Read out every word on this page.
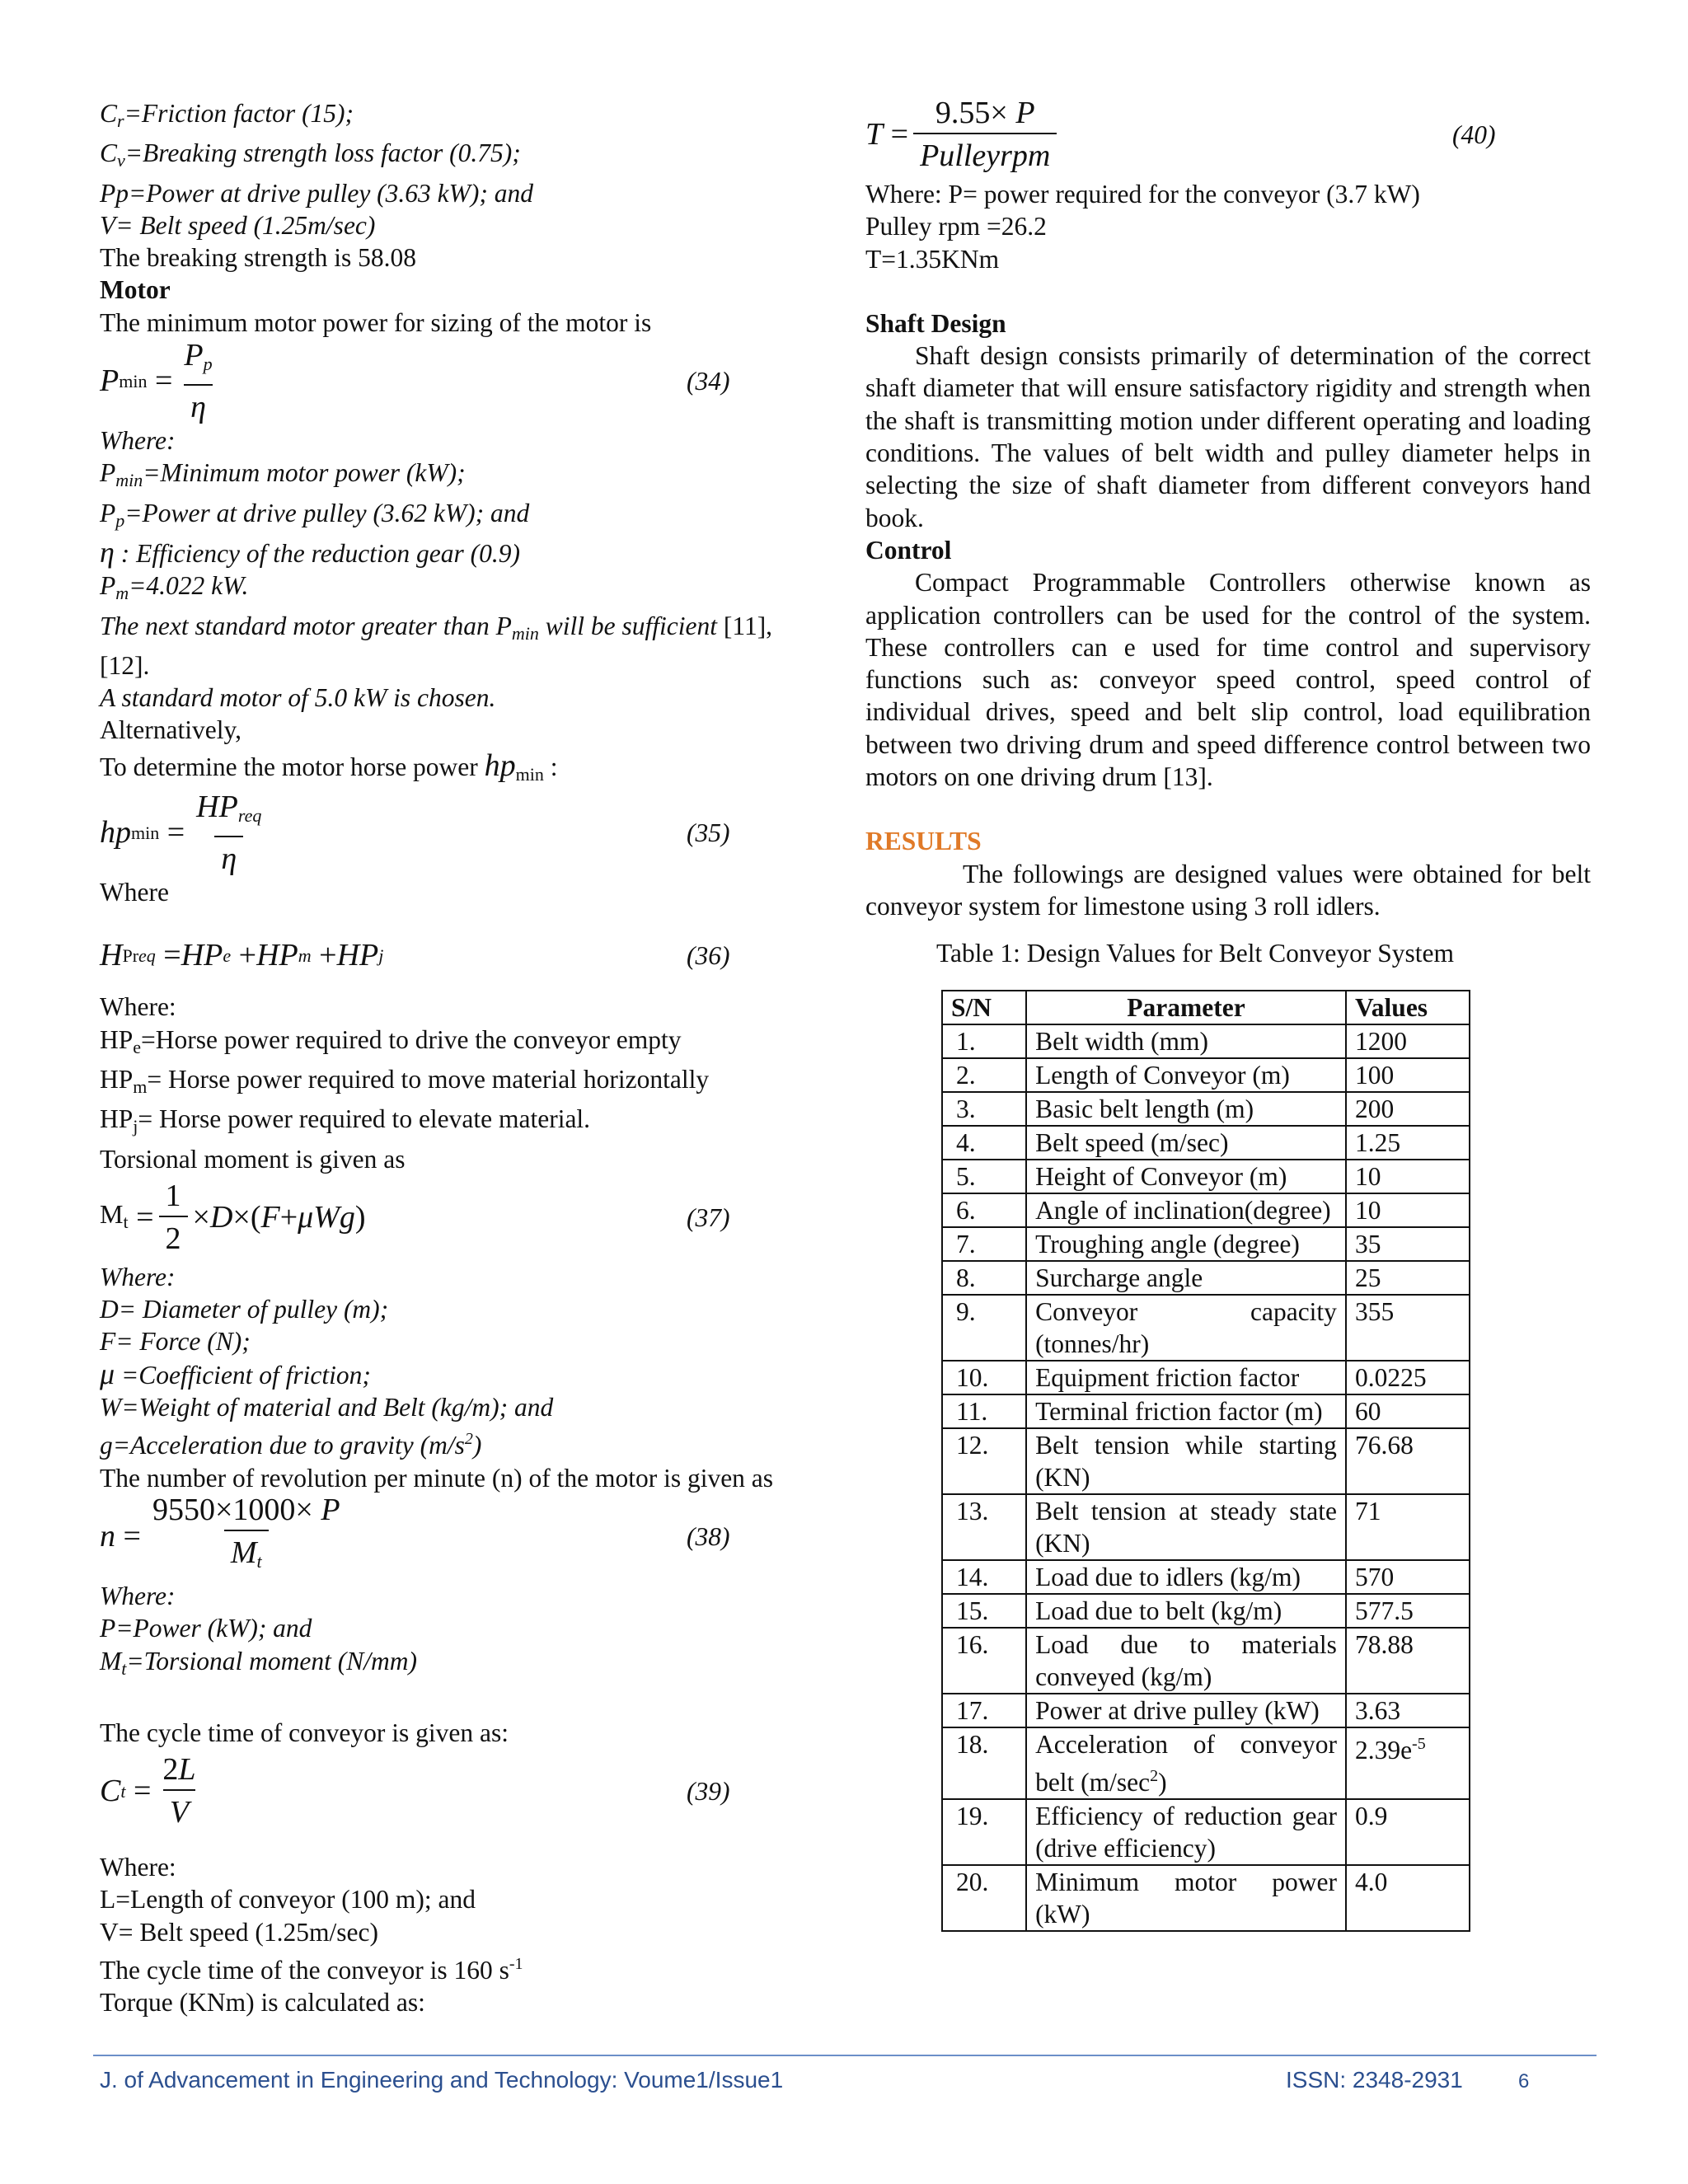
$C_r=Friction$ factor (15);
$C_v=Breaking$ strength loss factor (0.75);
Pp=Power at drive pulley (3.63 kW); and
V= Belt speed (1.25m/sec)
The breaking strength is 58.08
Motor
The minimum motor power for sizing of the motor is
P $\min = \frac{P_p}{\eta}$	(34)
Where:
$P_{min}=Minimum$ motor power (kW);
$P_p=Power$ at drive pulley (3.62 kW); and
η : Efficiency of the reduction gear (0.9)
$P_m=4.022$ kW.
The next standard motor greater than $P_{min}$ will be sufficient [11],
[12].
A standard motor of 5.0 kW is chosen.
Alternatively,
To determine the motor horse power hpmin :
hp $\min = \frac{HP_{req}}{\eta}$	(35)
Where
H Preq = HP e + HP m + HP j	(36)
Where:
HPe=Horse power required to drive the conveyor empty
HPm= Horse power required to move material horizontally
HPj= Horse power required to elevate material.
Torsional moment is given as
$Mt = \frac{1}{2} \times D$ ×( F + μWg )	(37)
Where:
D= Diameter of pulley (m);
F= Force (N);
μ =Coefficient of friction;
W=Weight of material and Belt (kg/m); and
g=Acceleration due to gravity $(m/s^2)$
The number of revolution per minute (n) of the motor is given as
$n = \frac{9550\times 1000\times P}{M_t}$	(38)
Where:
P=Power (kW); and
$M_t=Torsional$ moment (N/mm)
The cycle time of conveyor is given as:
C $t = \frac{2L}{V}$	(39)
Where:
L=Length of conveyor (100 m); and
V= Belt speed (1.25m/sec)
The cycle time of the conveyor is 160 $s^{-1}$
Torque (KNm) is calculated as:
$T = \frac{9.55\times P}{\text{Pulleyrpm}}$	(40)
Where: P= power required for the conveyor (3.7 kW)
Pulley rpm =26.2
T=1.35KNm
Shaft Design
Shaft design consists primarily of determination of the correct shaft diameter that will ensure satisfactory rigidity and strength when the shaft is transmitting motion under different operating and loading conditions. The values of belt width and pulley diameter helps in selecting the size of shaft diameter from different conveyors hand book.
Control
Compact Programmable Controllers otherwise known as application controllers can be used for the control of the system. These controllers can e used for time control and supervisory functions such as: conveyor speed control, speed control of individual drives, speed and belt slip control, load equilibration between two driving drum and speed difference control between two motors on one driving drum [13].
RESULTS
The followings are designed values were obtained for belt conveyor system for limestone using 3 roll idlers.
Table 1: Design Values for Belt Conveyor System
S/N	Parameter	Values
1.	Belt width (mm)	1200
2.	Length of Conveyor (m)	100
3.	Basic belt length (m)	200
4.	Belt speed (m/sec)	1.25
5.	Height of Conveyor (m)	10
6.	Angle of inclination(degree)	10
7.	Troughing angle (degree)	35
8.	Surcharge angle	25
9.	Conveyor capacity (tonnes/hr)	355
10.	Equipment friction factor	0.0225
11.	Terminal friction factor (m)	60
12.	Belt tension while starting (KN)	76.68
13.	Belt tension at steady state (KN)	71
14.	Load due to idlers (kg/m)	570
15.	Load due to belt (kg/m)	577.5
16.	Load due to materials conveyed (kg/m)	78.88
17.	Power at drive pulley (kW)	3.63
18.	Acceleration of conveyor belt $(m/\sec^2)$	$2.39e^{-5}$
19.	Efficiency of reduction gear (drive efficiency)	0.9
20.	Minimum motor power (kW)	4.0
J. of Advancement in Engineering and Technology: Voume1/Issue1	ISSN: 2348-2931	6
